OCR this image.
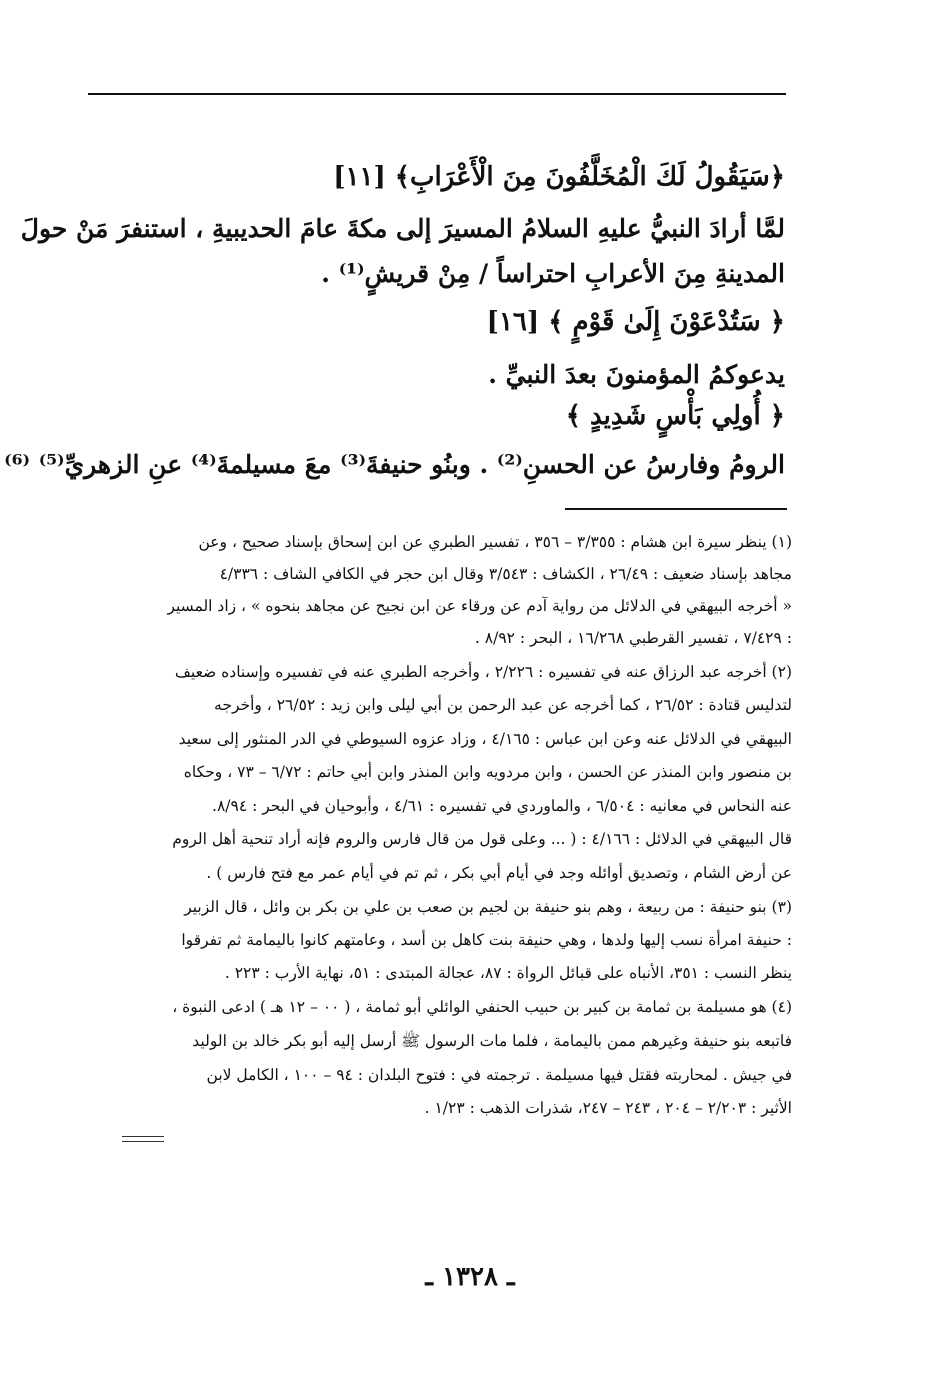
﴿سَيَقُولُ لَكَ الْمُخَلَّفُونَ مِنَ الْأَعْرَابِ﴾ [١١]
لمَّا أرادَ النبيُّ عليهِ السلامُ المسيرَ إلى مكةَ عامَ الحديبيةِ ، استنفرَ مَنْ حولَ
المدينةِ مِنَ الأعرابِ احتراساً / مِنْ قريشٍ⁽¹⁾ .
﴿ سَتُدْعَوْنَ إِلَىٰ قَوْمٍ ﴾ [١٦]
يدعوكمُ المؤمنونَ بعدَ النبيِّ .
﴿ أُولِي بَأْسٍ شَدِيدٍ ﴾
الرومُ وفارسُ عن الحسنِ⁽²⁾ . وبنُو حنيفةَ⁽³⁾ معَ مسيلمةَ⁽⁴⁾ عنِ الزهريِّ⁽⁵⁾ ⁽⁶⁾
(١) ينظر سيرة ابن هشام : ٣/٣٥٥ – ٣٥٦ ، تفسير الطبري عن ابن إسحاق بإسناد صحيح ، وعن
مجاهد بإسناد ضعيف : ٢٦/٤٩ ، الكشاف : ٣/٥٤٣ وقال ابن حجر في الكافي الشاف : ٤/٣٣٦
« أخرجه البيهقي في الدلائل من رواية آدم عن ورقاء عن ابن نجيح عن مجاهد بنحوه » ، زاد المسير
: ٧/٤٢٩ ، تفسير القرطبي ١٦/٢٦٨ ، البحر : ٨/٩٢ .
(٢) أخرجه عبد الرزاق عنه في تفسيره : ٢/٢٢٦ ، وأخرجه الطبري عنه في تفسيره وإسناده ضعيف
لتدليس قتادة : ٢٦/٥٢ ، كما أخرجه عن عبد الرحمن بن أبي ليلى وابن زيد : ٢٦/٥٢ ، وأخرجه
البيهقي في الدلائل عنه وعن ابن عباس : ٤/١٦٥ ، وزاد عزوه السيوطي في الدر المنثور إلى سعيد
بن منصور وابن المنذر عن الحسن ، وابن مردويه وابن المنذر وابن أبي حاتم : ٦/٧٢ – ٧٣ ، وحكاه
عنه النحاس في معانيه : ٦/٥٠٤ ، والماوردي في تفسيره : ٤/٦١ ، وأبوحيان في البحر : ٨/٩٤.
قال البيهقي في الدلائل : ٤/١٦٦ : ( ... وعلى قول من قال فارس والروم فإنه أراد تنحية أهل الروم
عن أرض الشام ، وتصديق أوائله وجد في أيام أبي بكر ، ثم تم في أيام عمر مع فتح فارس ) .
(٣) بنو حنيفة : من ربيعة ، وهم بنو حنيفة بن لجيم بن صعب بن علي بن بكر بن وائل ، قال الزبير
: حنيفة امرأة نسب إليها ولدها ، وهي حنيفة بنت كاهل بن أسد ، وعامتهم كانوا باليمامة ثم تفرقوا
ينظر النسب : ٣٥١، الأنباه على قبائل الرواة : ٨٧، عجالة المبتدى : ٥١، نهاية الأرب : ٢٢٣ .
(٤) هو مسيلمة بن ثمامة بن كبير بن حبيب الحنفي الوائلي أبو ثمامة ، ( ٠٠ – ١٢ هـ ) ادعى النبوة ،
فاتبعه بنو حنيفة وغيرهم ممن باليمامة ، فلما مات الرسول ﷺ أرسل إليه أبو بكر خالد بن الوليد
في جيش . لمحاربته فقتل فيها مسيلمة . ترجمته في : فتوح البلدان : ٩٤ – ١٠٠ ، الكامل لابن
الأثير : ٢/٢٠٣ – ٢٠٤ ، ٢٤٣ – ٢٤٧، شذرات الذهب : ١/٢٣ .
ـ ١٣٢٨ ـ
